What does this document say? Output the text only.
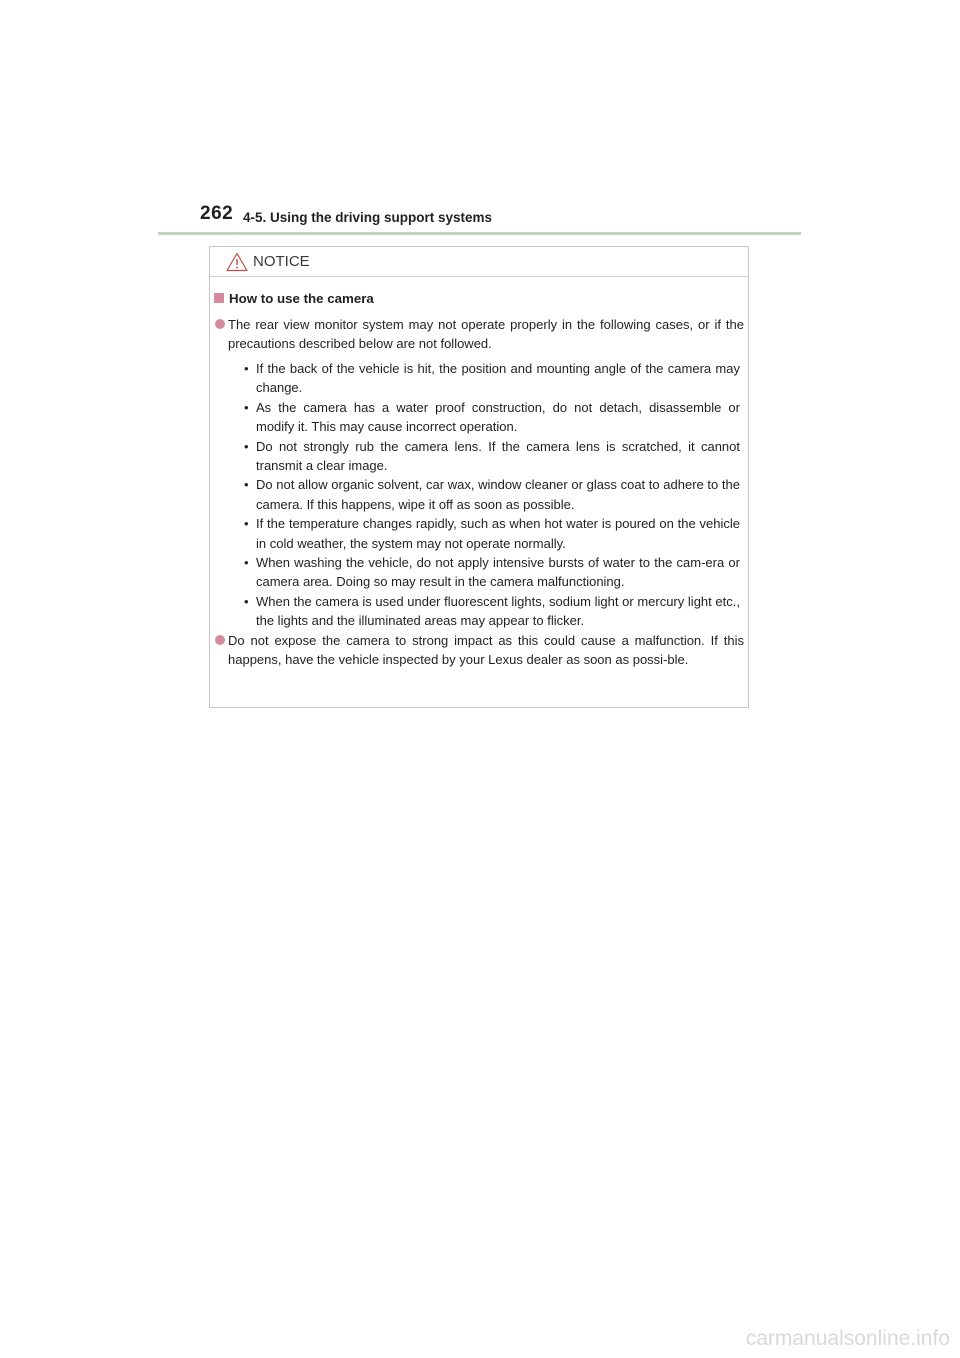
262 4-5. Using the driving support systems
NOTICE
How to use the camera
The rear view monitor system may not operate properly in the following cases, or if the precautions described below are not followed.
• If the back of the vehicle is hit, the position and mounting angle of the camera may change.
• As the camera has a water proof construction, do not detach, disassemble or modify it. This may cause incorrect operation.
• Do not strongly rub the camera lens. If the camera lens is scratched, it cannot transmit a clear image.
• Do not allow organic solvent, car wax, window cleaner or glass coat to adhere to the camera. If this happens, wipe it off as soon as possible.
• If the temperature changes rapidly, such as when hot water is poured on the vehicle in cold weather, the system may not operate normally.
• When washing the vehicle, do not apply intensive bursts of water to the cam-era or camera area. Doing so may result in the camera malfunctioning.
• When the camera is used under fluorescent lights, sodium light or mercury light etc., the lights and the illuminated areas may appear to flicker.
Do not expose the camera to strong impact as this could cause a malfunction. If this happens, have the vehicle inspected by your Lexus dealer as soon as possi-ble.
carmanualsonline.info
